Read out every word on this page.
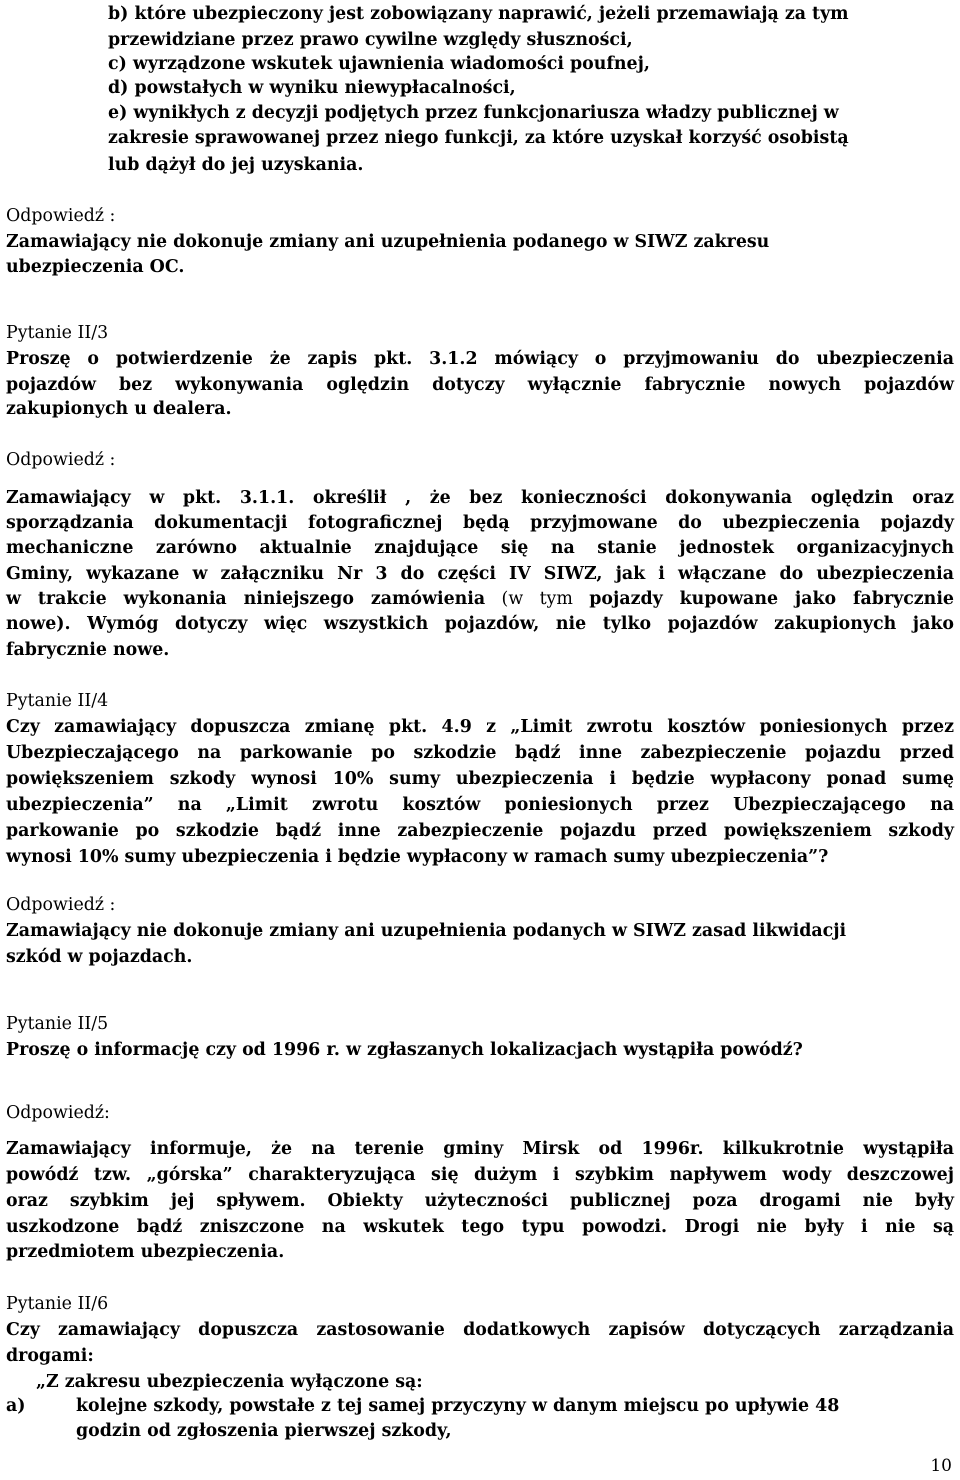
b) które ubezpieczony jest zobowiązany naprawić, jeżeli przemawiają za tym
przewidziane przez prawo cywilne względy słuszności,
c) wyrządzone wskutek ujawnienia wiadomości poufnej,
d) powstałych w wyniku niewypłacalności,
e) wynikłych z decyzji podjętych przez funkcjonariusza władzy publicznej w
zakresie sprawowanej przez niego funkcji, za które uzyskał korzyść osobistą
lub dążył do jej uzyskania.
Odpowiedź :
Zamawiający nie dokonuje zmiany ani uzupełnienia podanego w SIWZ zakresu
ubezpieczenia OC.
Pytanie II/3
Proszę o potwierdzenie że zapis pkt. 3.1.2 mówiący o przyjmowaniu do ubezpieczenia
pojazdów bez wykonywania oględzin dotyczy wyłącznie fabrycznie nowych pojazdów
zakupionych u dealera.
Odpowiedź :
Zamawiający w pkt. 3.1.1. określił , że bez konieczności dokonywania oględzin oraz
sporządzania dokumentacji fotograficznej będą przyjmowane do ubezpieczenia pojazdy
mechaniczne zarówno aktualnie znajdujące się na stanie jednostek organizacyjnych
Gminy, wykazane w załączniku Nr 3 do części IV SIWZ, jak i włączane do ubezpieczenia
w trakcie wykonania niniejszego zamówienia (w tym pojazdy kupowane jako fabrycznie
nowe). Wymóg dotyczy więc wszystkich pojazdów, nie tylko pojazdów zakupionych jako
fabrycznie nowe.
Pytanie II/4
Czy zamawiający dopuszcza zmianę pkt. 4.9 z „Limit zwrotu kosztów poniesionych przez
Ubezpieczającego na parkowanie po szkodzie bądź inne zabezpieczenie pojazdu przed
powiększeniem szkody wynosi 10% sumy ubezpieczenia i będzie wypłacony ponad sumę
ubezpieczenia” na „Limit zwrotu kosztów poniesionych przez Ubezpieczającego na
parkowanie po szkodzie bądź inne zabezpieczenie pojazdu przed powiększeniem szkody
wynosi 10% sumy ubezpieczenia i będzie wypłacony w ramach sumy ubezpieczenia”?
Odpowiedź :
Zamawiający nie dokonuje zmiany ani uzupełnienia podanych w SIWZ zasad likwidacji
szkód w pojazdach.
Pytanie II/5
Proszę o informację czy od 1996 r. w zgłaszanych lokalizacjach wystąpiła powódź?
Odpowiedź:
Zamawiający informuje, że na terenie gminy Mirsk od 1996r. kilkukrotnie wystąpiła
powódź tzw. „górska” charakteryzująca się dużym i szybkim napływem wody deszczowej
oraz szybkim jej spływem. Obiekty użyteczności publicznej poza drogami nie były
uszkodzone bądź zniszczone na wskutek tego typu powodzi. Drogi nie były i nie są
przedmiotem ubezpieczenia.
Pytanie II/6
Czy zamawiający dopuszcza zastosowanie dodatkowych zapisów dotyczących zarządzania
drogami:
„Z zakresu ubezpieczenia wyłączone są:
a)	kolejne szkody, powstałe z tej samej przyczyny w danym miejscu po upływie 48
godzin od zgłoszenia pierwszej szkody,
10
